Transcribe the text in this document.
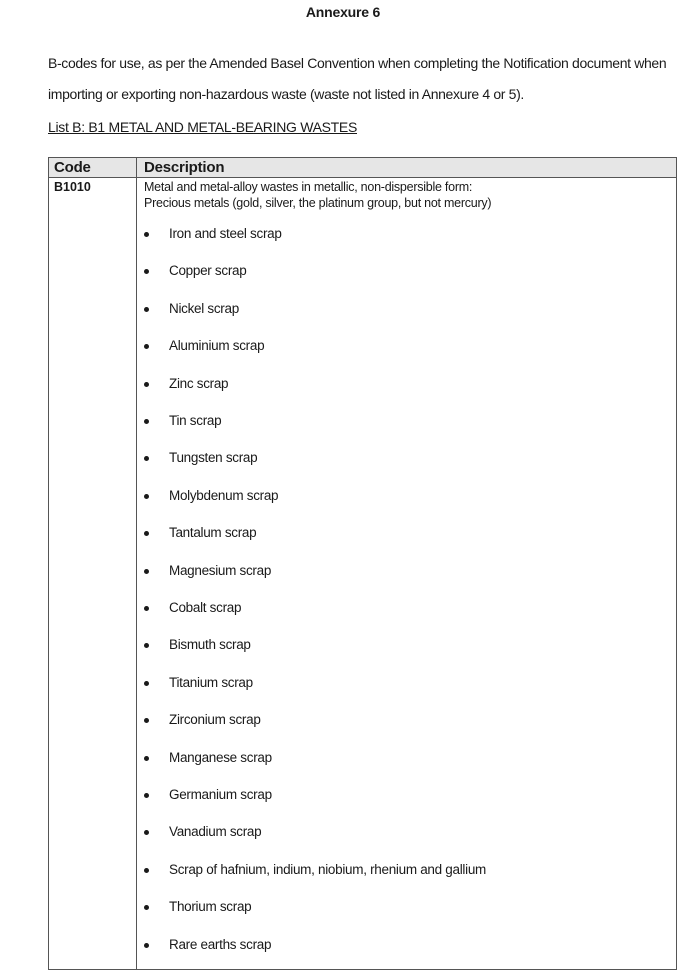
Annexure 6

B-codes for use, as per the Amended Basel Convention when completing the Notification document when
importing or exporting non-hazardous waste (waste not listed in Annexure 4 or 5).

List B: B1 METAL AND METAL-BEARING WASTES
Code	Description
B1010	Metal and metal-alloy wastes in metallic, non-dispersible form:
Precious metals (gold, silver, the platinum group, but not mercury)
Iron and steel scrap
Copper scrap
Nickel scrap
Aluminium scrap
Zinc scrap
Tin scrap
Tungsten scrap
Molybdenum scrap
Tantalum scrap
Magnesium scrap
Cobalt scrap
Bismuth scrap
Titanium scrap
Zirconium scrap
Manganese scrap
Germanium scrap
Vanadium scrap
Scrap of hafnium, indium, niobium, rhenium and gallium
Thorium scrap
Rare earths scrap
